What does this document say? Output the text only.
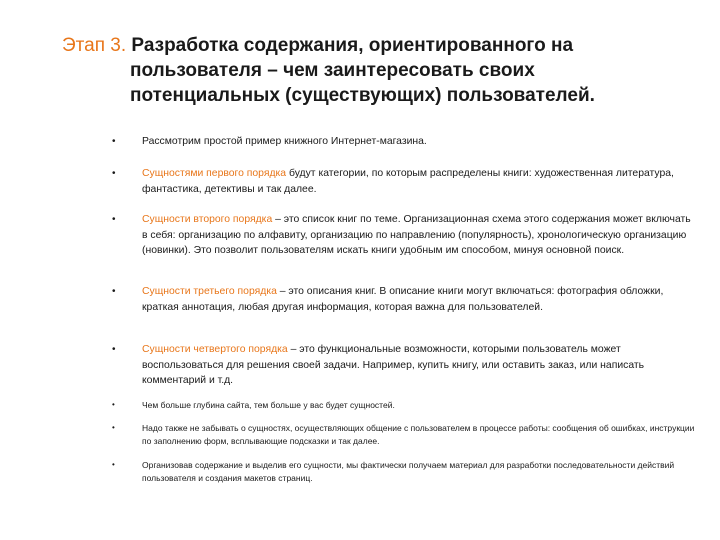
Этап 3. Разработка содержания, ориентированного на
пользователя – чем заинтересовать своих
потенциальных (существующих) пользователей.
•	Рассмотрим простой пример книжного Интернет-магазина.
•	Сущностями первого порядка будут категории, по которым распределены книги: художественная литература, фантастика, детективы и так далее.
•	Сущности второго порядка – это список книг по теме. Организационная схема этого содержания может включать в себя: организацию по алфавиту, организацию по направлению (популярность), хронологическую организацию (новинки). Это позволит пользователям искать книги удобным им способом, минуя основной поиск.
•	Сущности третьего порядка – это описания книг. В описание книги могут включаться: фотография обложки, краткая аннотация, любая другая информация, которая важна для пользователей.
•	Сущности четвертого порядка – это функциональные возможности, которыми пользователь может воспользоваться для решения своей задачи. Например, купить книгу, или оставить заказ, или написать комментарий и т.д.
•	Чем больше глубина сайта, тем больше у вас будет сущностей.
•	Надо также не забывать о сущностях, осуществляющих общение с пользователем в процессе работы: сообщения об ошибках, инструкции по заполнению форм, всплывающие подсказки и так далее.
•	Организовав содержание и выделив его сущности, мы фактически получаем материал для разработки последовательности действий пользователя и создания макетов страниц.
